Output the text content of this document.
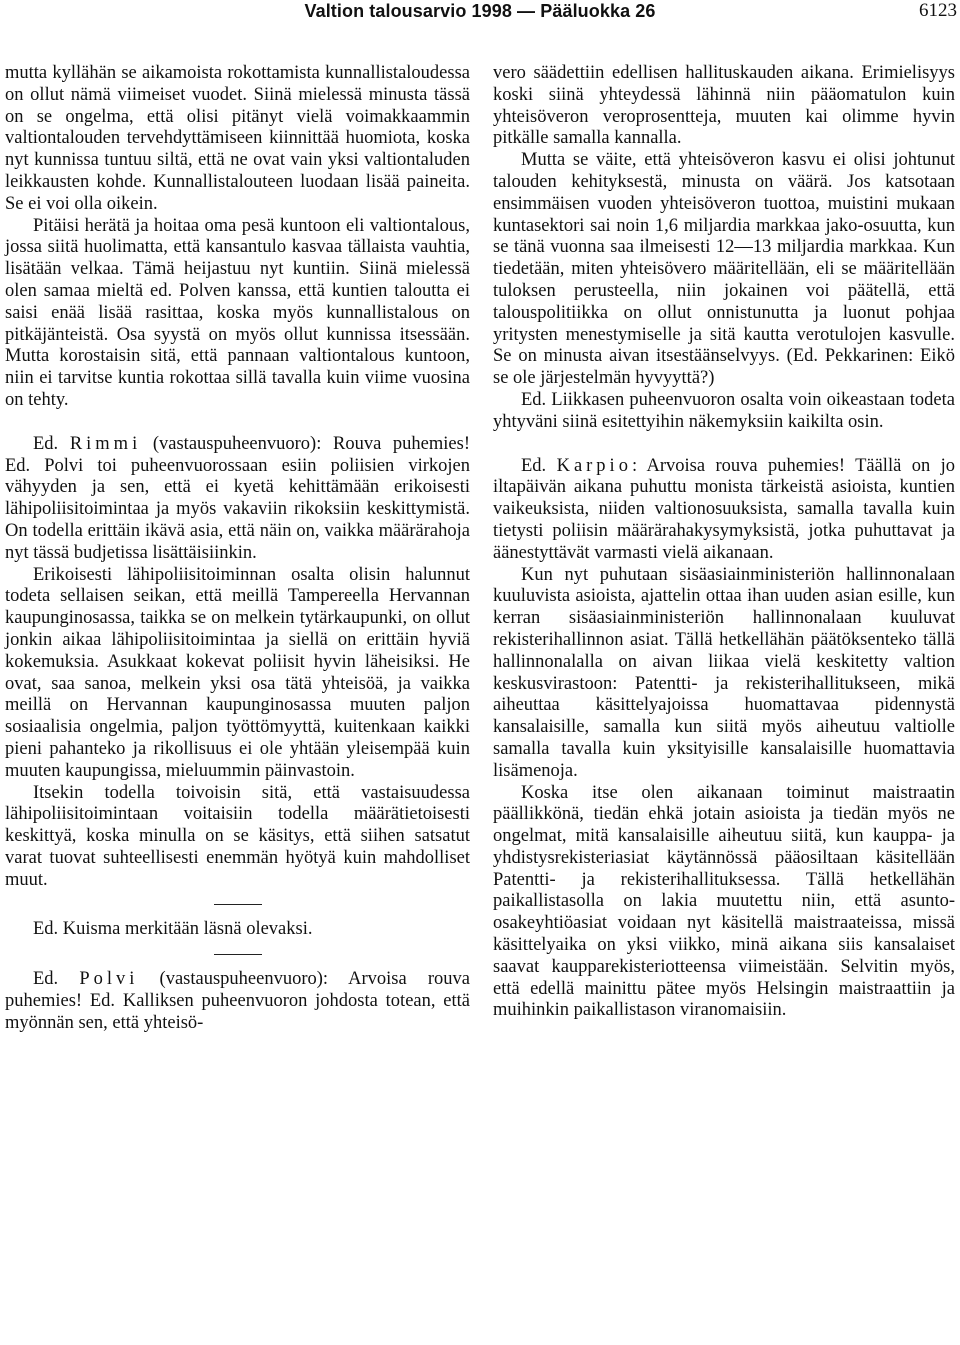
Valtion talousarvio 1998 — Pääluokka 26	6123

mutta kyllähän se aikamoista rokottamista kunnallistaloudessa on ollut nämä viimeiset vuodet. Siinä mielessä minusta tässä on se ongelma, että olisi pitänyt vielä voimakkaammin valtiontalouden tervehdyttämiseen kiinnittää huomiota, koska nyt kunnissa tuntuu siltä, että ne ovat vain yksi valtiontaluden leikkausten kohde. Kunnallistalouteen luodaan lisää paineita. Se ei voi olla oikein.

Pitäisi herätä ja hoitaa oma pesä kuntoon eli valtiontalous, jossa siitä huolimatta, että kansantulo kasvaa tällaista vauhtia, lisätään velkaa. Tämä heijastuu nyt kuntiin. Siinä mielessä olen samaa mieltä ed. Polven kanssa, että kuntien taloutta ei saisi enää lisää rasittaa, koska myös kunnallistalous on pitkäjänteistä. Osa syystä on myös ollut kunnissa itsessään. Mutta korostaisin sitä, että pannaan valtiontalous kuntoon, niin ei tarvitse kuntia rokottaa sillä tavalla kuin viime vuosina on tehty.

Ed. Rimmi (vastauspuheenvuoro): Rouva puhemies! Ed. Polvi toi puheenvuorossaan esiin poliisien virkojen vähyyden ja sen, että ei kyetä kehittämään erikoisesti lähipoliisitoimintaa ja myös vakaviin rikoksiin keskittymistä. On todella erittäin ikävä asia, että näin on, vaikka määrärahoja nyt tässä budjetissa lisättäisiinkin.

Erikoisesti lähipoliisitoiminnan osalta olisin halunnut todeta sellaisen seikan, että meillä Tampereella Hervannan kaupunginosassa, taikka se on melkein tytärkaupunki, on ollut jonkin aikaa lähipoliisitoimintaa ja siellä on erittäin hyviä kokemuksia. Asukkaat kokevat poliisit hyvin läheisiksi. He ovat, saa sanoa, melkein yksi osa tätä yhteisöä, ja vaikka meillä on Hervannan kaupunginosassa muuten paljon sosiaalisia ongelmia, paljon työttömyyttä, kuitenkaan kaikki pieni pahanteko ja rikollisuus ei ole yhtään yleisempää kuin muuten kaupungissa, mieluummin päinvastoin.

Itsekin todella toivoisin sitä, että vastaisuudessa lähipoliisitoimintaan voitaisiin todella määrätietoisesti keskittyä, koska minulla on se käsitys, että siihen satsatut varat tuovat suhteellisesti enemmän hyötyä kuin mahdolliset muut.

Ed. Kuisma merkitään läsnä olevaksi.

Ed. Polvi (vastauspuheenvuoro): Arvoisa rouva puhemies! Ed. Kalliksen puheenvuoron johdosta totean, että myönnän sen, että yhteisö-

vero säädettiin edellisen hallituskauden aikana. Erimielisyys koski siinä yhteydessä lähinnä niin pääomatulon kuin yhteisöveron veroprosentteja, muuten kai olimme hyvin pitkälle samalla kannalla.

Mutta se väite, että yhteisöveron kasvu ei olisi johtunut talouden kehityksestä, minusta on väärä. Jos katsotaan ensimmäisen vuoden yhteisöveron tuottoa, muistini mukaan kuntasektori sai noin 1,6 miljardia markkaa jako-osuutta, kun se tänä vuonna saa ilmeisesti 12—13 miljardia markkaa. Kun tiedetään, miten yhteisövero määritellään, eli se määritellään tuloksen perusteella, niin jokainen voi päätellä, että talouspolitiikka on ollut onnistunutta ja luonut pohjaa yritysten menestymiselle ja sitä kautta verotulojen kasvulle. Se on minusta aivan itsestäänselvyys. (Ed. Pekkarinen: Eikö se ole järjestelmän hyvyyttä?)

Ed. Liikkasen puheenvuoron osalta voin oikeastaan todeta yhtyväni siinä esitettyihin näkemyksiin kaikilta osin.

Ed. Karpio: Arvoisa rouva puhemies! Täällä on jo iltapäivän aikana puhuttu monista tärkeistä asioista, kuntien vaikeuksista, niiden valtionosuuksista, samalla tavalla kuin tietysti poliisin määrärahakysymyksistä, jotka puhuttavat ja äänestyttävät varmasti vielä aikanaan.

Kun nyt puhutaan sisäasiainministeriön hallinnonalaan kuuluvista asioista, ajattelin ottaa ihan uuden asian esille, kun kerran sisäasiainministeriön hallinnonalaan kuuluvat rekisterihallinnon asiat. Tällä hetkellähän päätöksenteko tällä hallinnonalalla on aivan liikaa vielä keskitetty valtion keskusvirastoon: Patentti- ja rekisterihallitukseen, mikä aiheuttaa käsittelyajoissa huomattavaa pidennystä kansalaisille, samalla kun siitä myös aiheutuu valtiolle samalla tavalla kuin yksityisille kansalaisille huomattavia lisämenoja.

Koska itse olen aikanaan toiminut maistraatin päällikkönä, tiedän ehkä jotain asioista ja tiedän myös ne ongelmat, mitä kansalaisille aiheutuu siitä, kun kauppa- ja yhdistysrekisteriasiat käytännössä pääosiltaan käsitellään Patentti- ja rekisterihallituksessa. Tällä hetkellähän paikallistasolla on lakia muutettu niin, että asunto-osakeyhtiöasiat voidaan nyt käsitellä maistraateissa, missä käsittelyaika on yksi viikko, minä aikana siis kansalaiset saavat kaupparekisteriotteensa viimeistään. Selvitin myös, että edellä mainittu pätee myös Helsingin maistraattiin ja muihinkin paikallistason viranomaisiin.
